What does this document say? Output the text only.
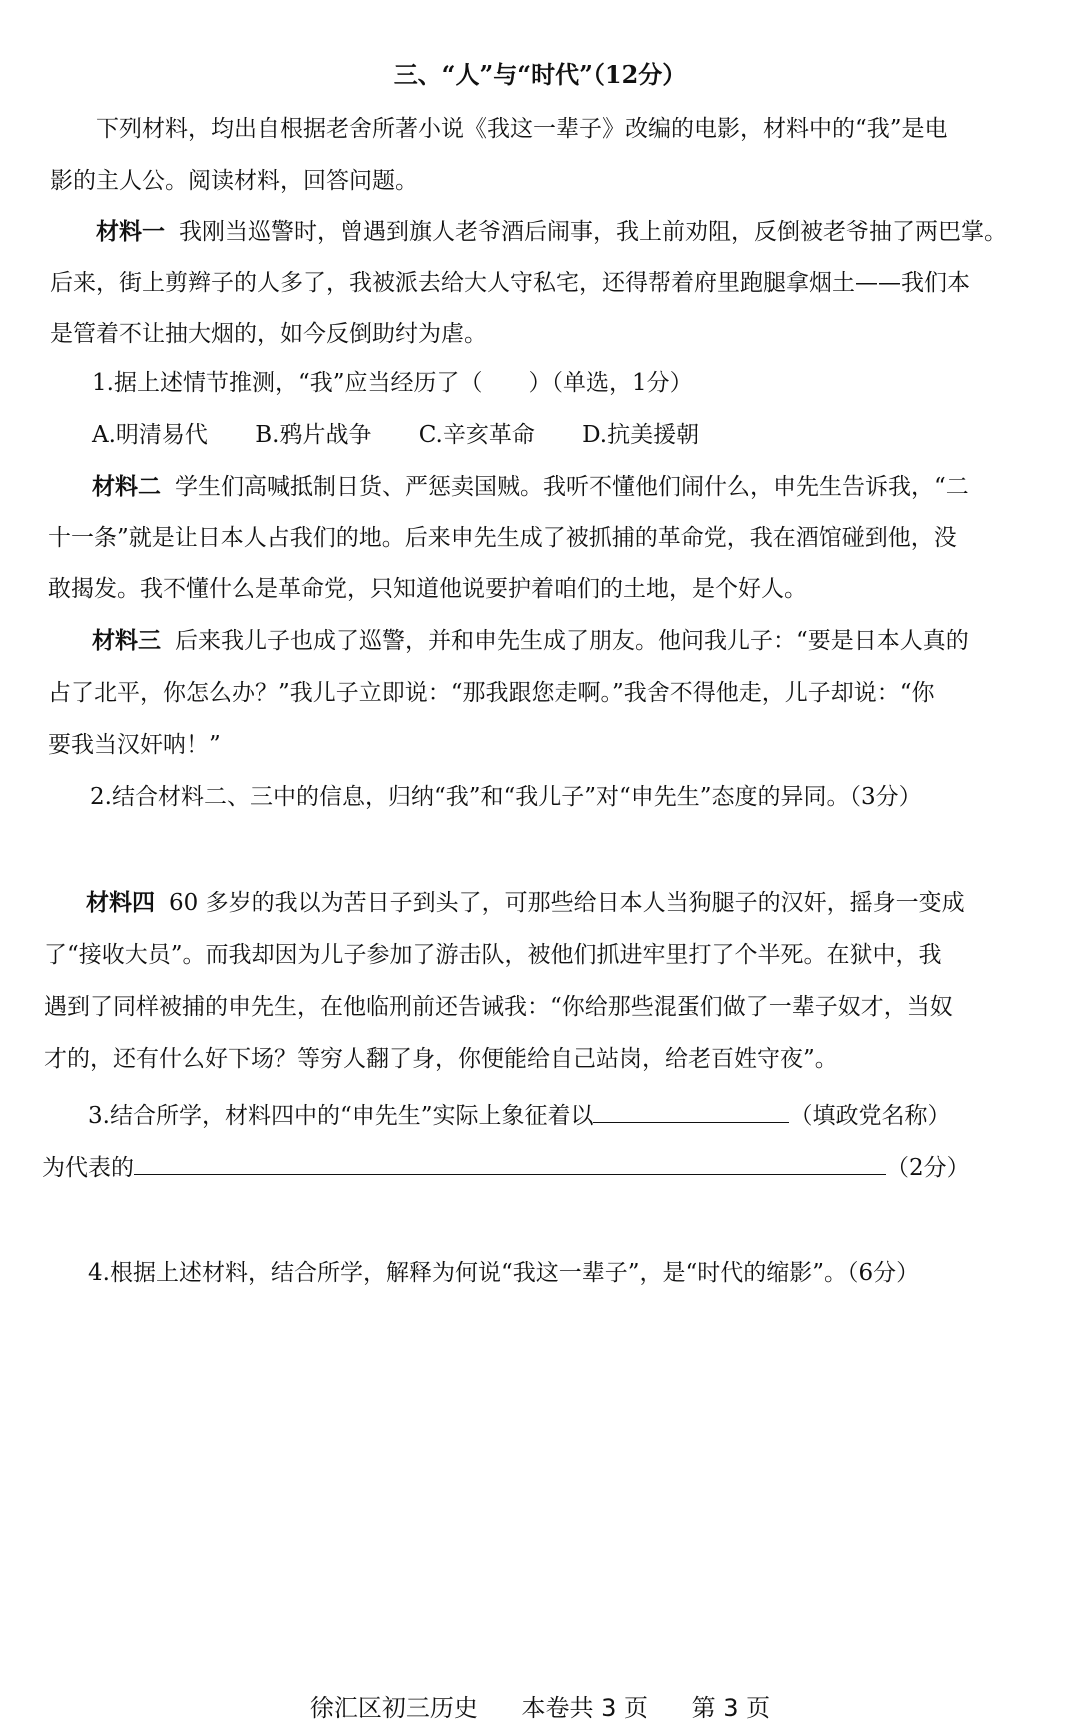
三、“人”与“时代”（12分）
下列材料，均出自根据老舍所著小说《我这一辈子》改编的电影，材料中的“我”是电
影的主人公。阅读材料，回答问题。
材料一 我刚当巡警时，曾遇到旗人老爷酒后闹事，我上前劝阻，反倒被老爷抽了两巴掌。
后来，街上剪辫子的人多了，我被派去给大人守私宅，还得帮着府里跑腿拿烟土——我们本
是管着不让抽大烟的，如今反倒助纣为虐。
1.据上述情节推测，“我”应当经历了（　　）（单选，1分）
A.明清易代 B.鸦片战争 C.辛亥革命 D.抗美援朝
材料二 学生们高喊抵制日货、严惩卖国贼。我听不懂他们闹什么，申先生告诉我，“二
十一条”就是让日本人占我们的地。后来申先生成了被抓捕的革命党，我在酒馆碰到他，没
敢揭发。我不懂什么是革命党，只知道他说要护着咱们的土地，是个好人。
材料三 后来我儿子也成了巡警，并和申先生成了朋友。他问我儿子：“要是日本人真的
占了北平，你怎么办？”我儿子立即说：“那我跟您走啊。”我舍不得他走，儿子却说：“你
要我当汉奸呐！”
2.结合材料二、三中的信息，归纳“我”和“我儿子”对“申先生”态度的异同。（3分）
材料四 60 多岁的我以为苦日子到头了，可那些给日本人当狗腿子的汉奸，摇身一变成
了“接收大员”。而我却因为儿子参加了游击队，被他们抓进牢里打了个半死。在狱中，我
遇到了同样被捕的申先生，在他临刑前还告诫我：“你给那些混蛋们做了一辈子奴才，当奴
才的，还有什么好下场？等穷人翻了身，你便能给自己站岗，给老百姓守夜”。
3.结合所学，材料四中的“申先生”实际上象征着以	（填政党名称）
为代表的	（2分）
4.根据上述材料，结合所学，解释为何说“我这一辈子”，是“时代的缩影”。（6分）
徐汇区初三历史 本卷共 3 页 第 3 页
